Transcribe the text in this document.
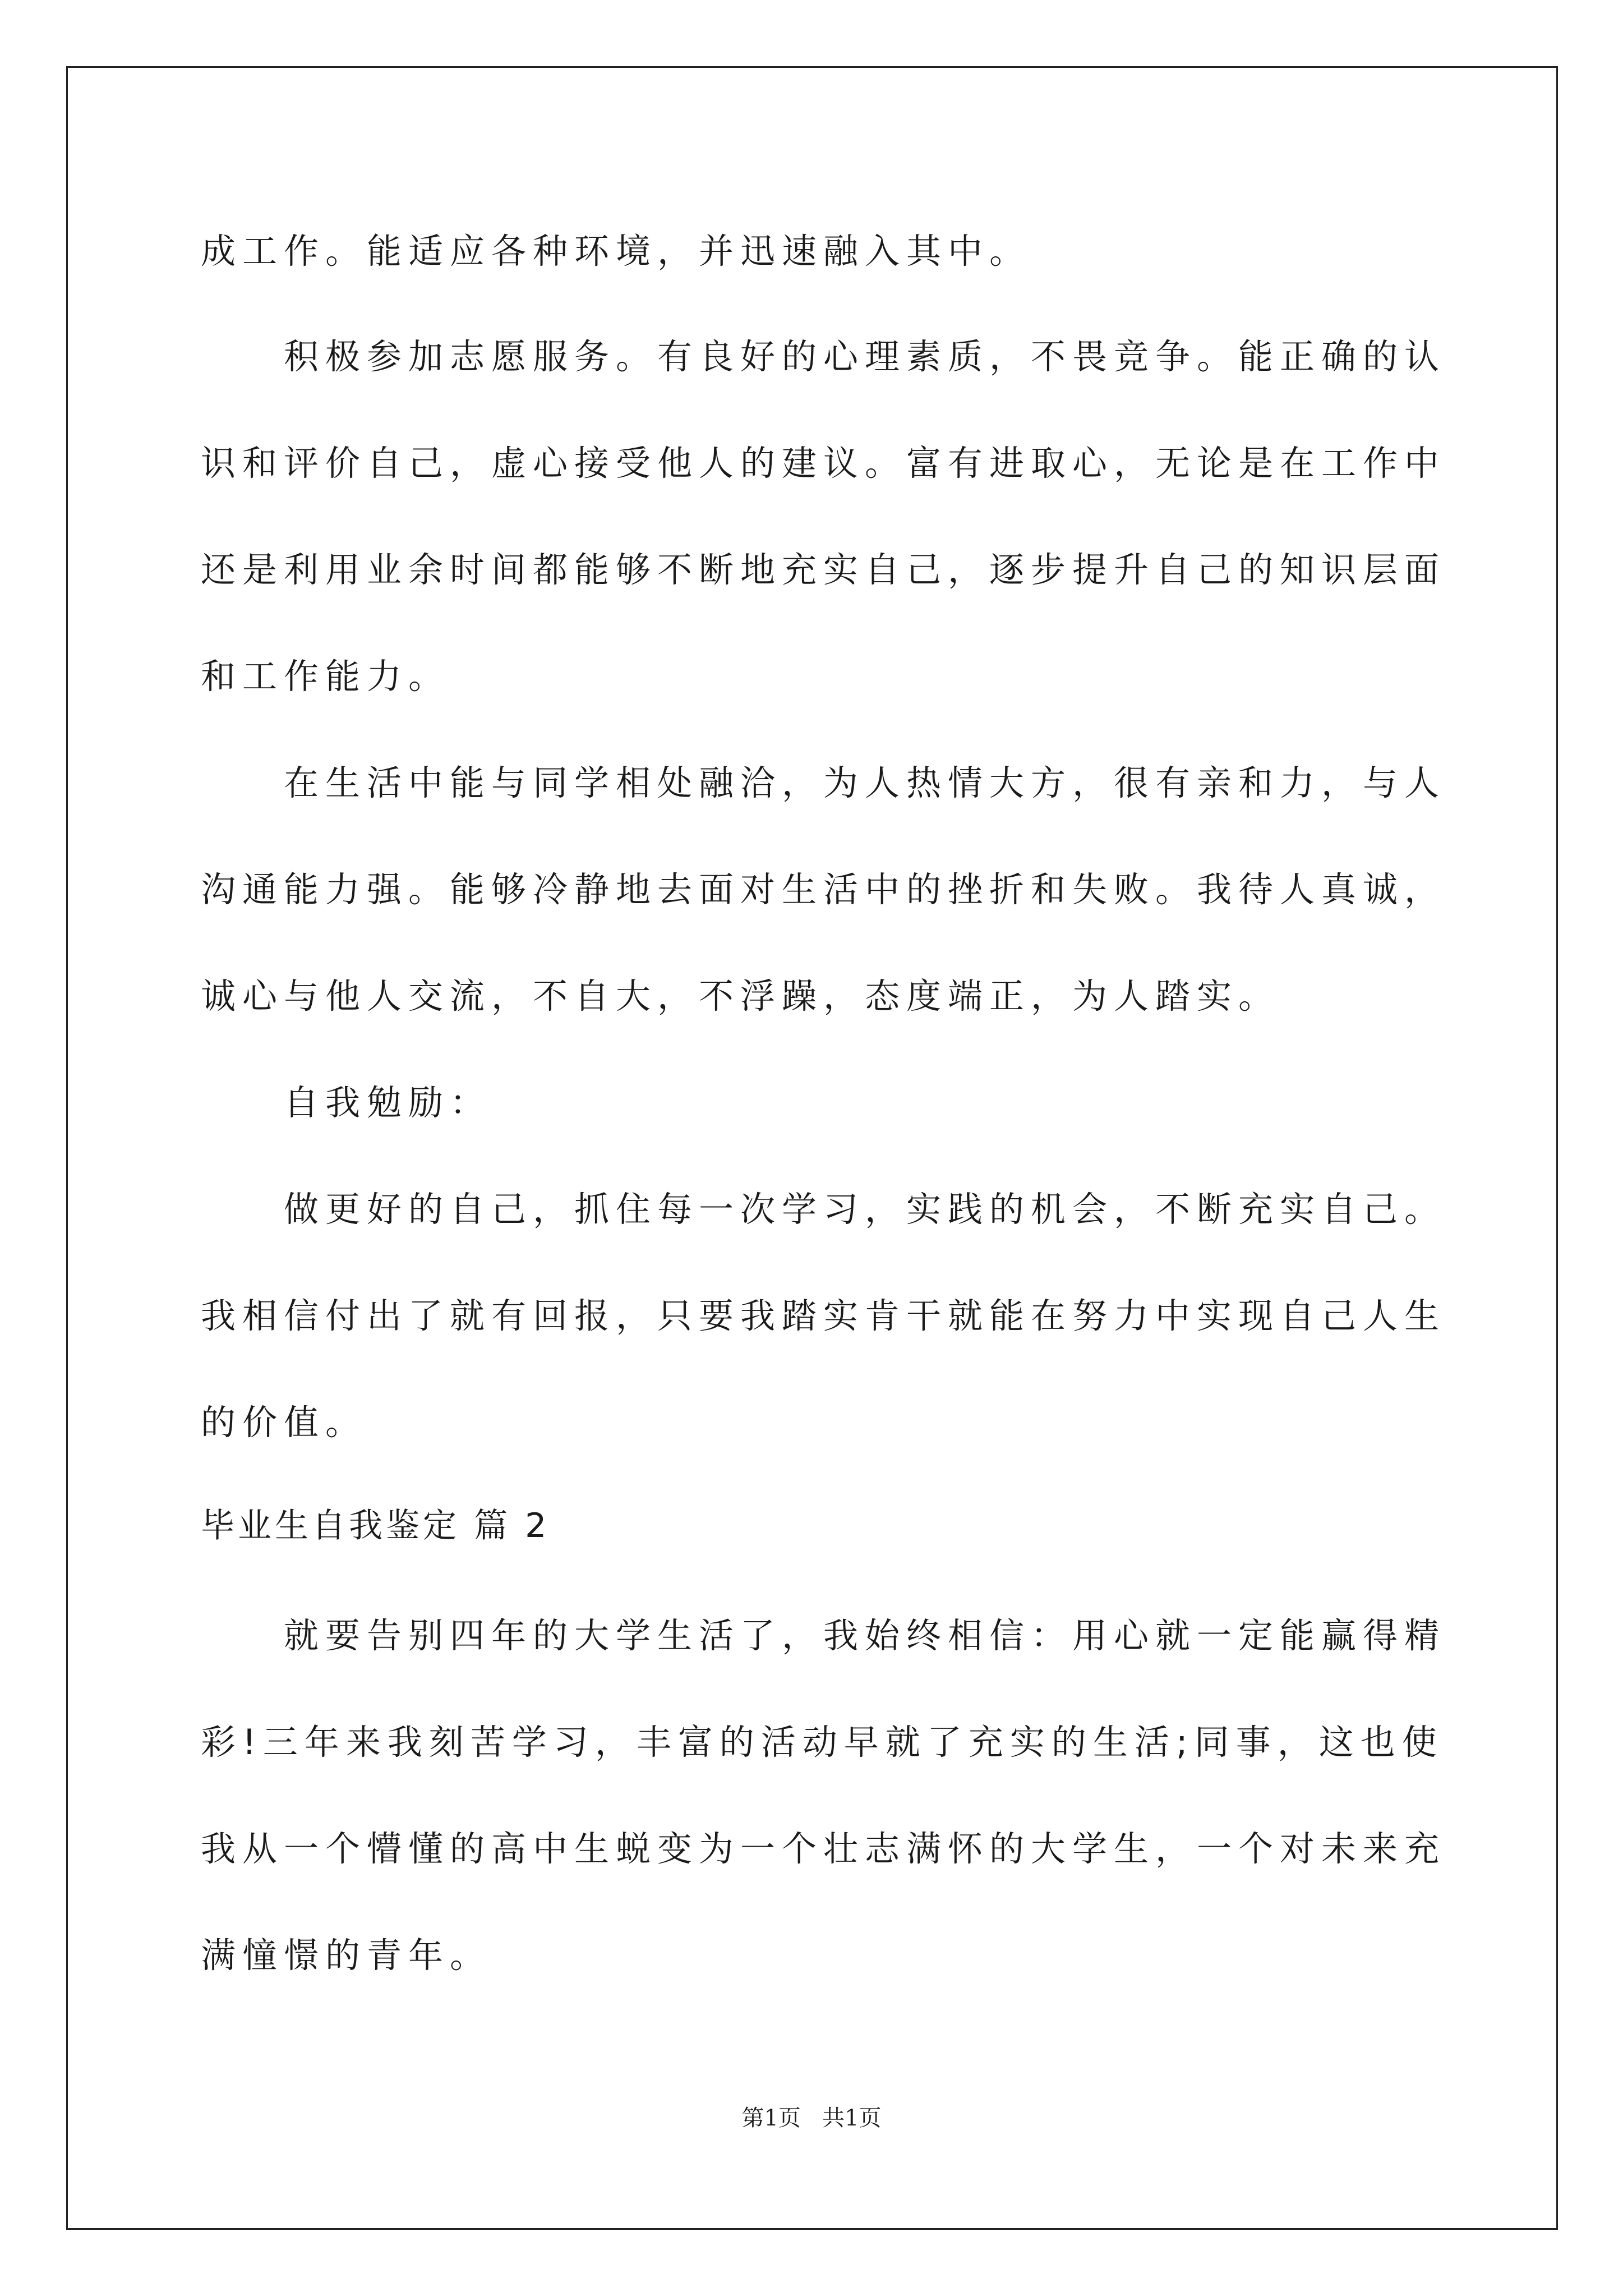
成工作。能适应各种环境，并迅速融入其中。
积极参加志愿服务。有良好的心理素质，不畏竞争。能正确的认
识和评价自己，虚心接受他人的建议。富有进取心，无论是在工作中
还是利用业余时间都能够不断地充实自己，逐步提升自己的知识层面
和工作能力。
在生活中能与同学相处融洽，为人热情大方，很有亲和力，与人
沟通能力强。能够冷静地去面对生活中的挫折和失败。我待人真诚，
诚心与他人交流，不自大，不浮躁，态度端正，为人踏实。
自我勉励：
做更好的自己，抓住每一次学习，实践的机会，不断充实自己。
我相信付出了就有回报，只要我踏实肯干就能在努力中实现自己人生
的价值。
毕业生自我鉴定 篇 2
就要告别四年的大学生活了，我始终相信：用心就一定能赢得精
彩!三年来我刻苦学习，丰富的活动早就了充实的生活;同事，这也使
我从一个懵懂的高中生蜕变为一个壮志满怀的大学生，一个对未来充
满憧憬的青年。
第1页   共1页
